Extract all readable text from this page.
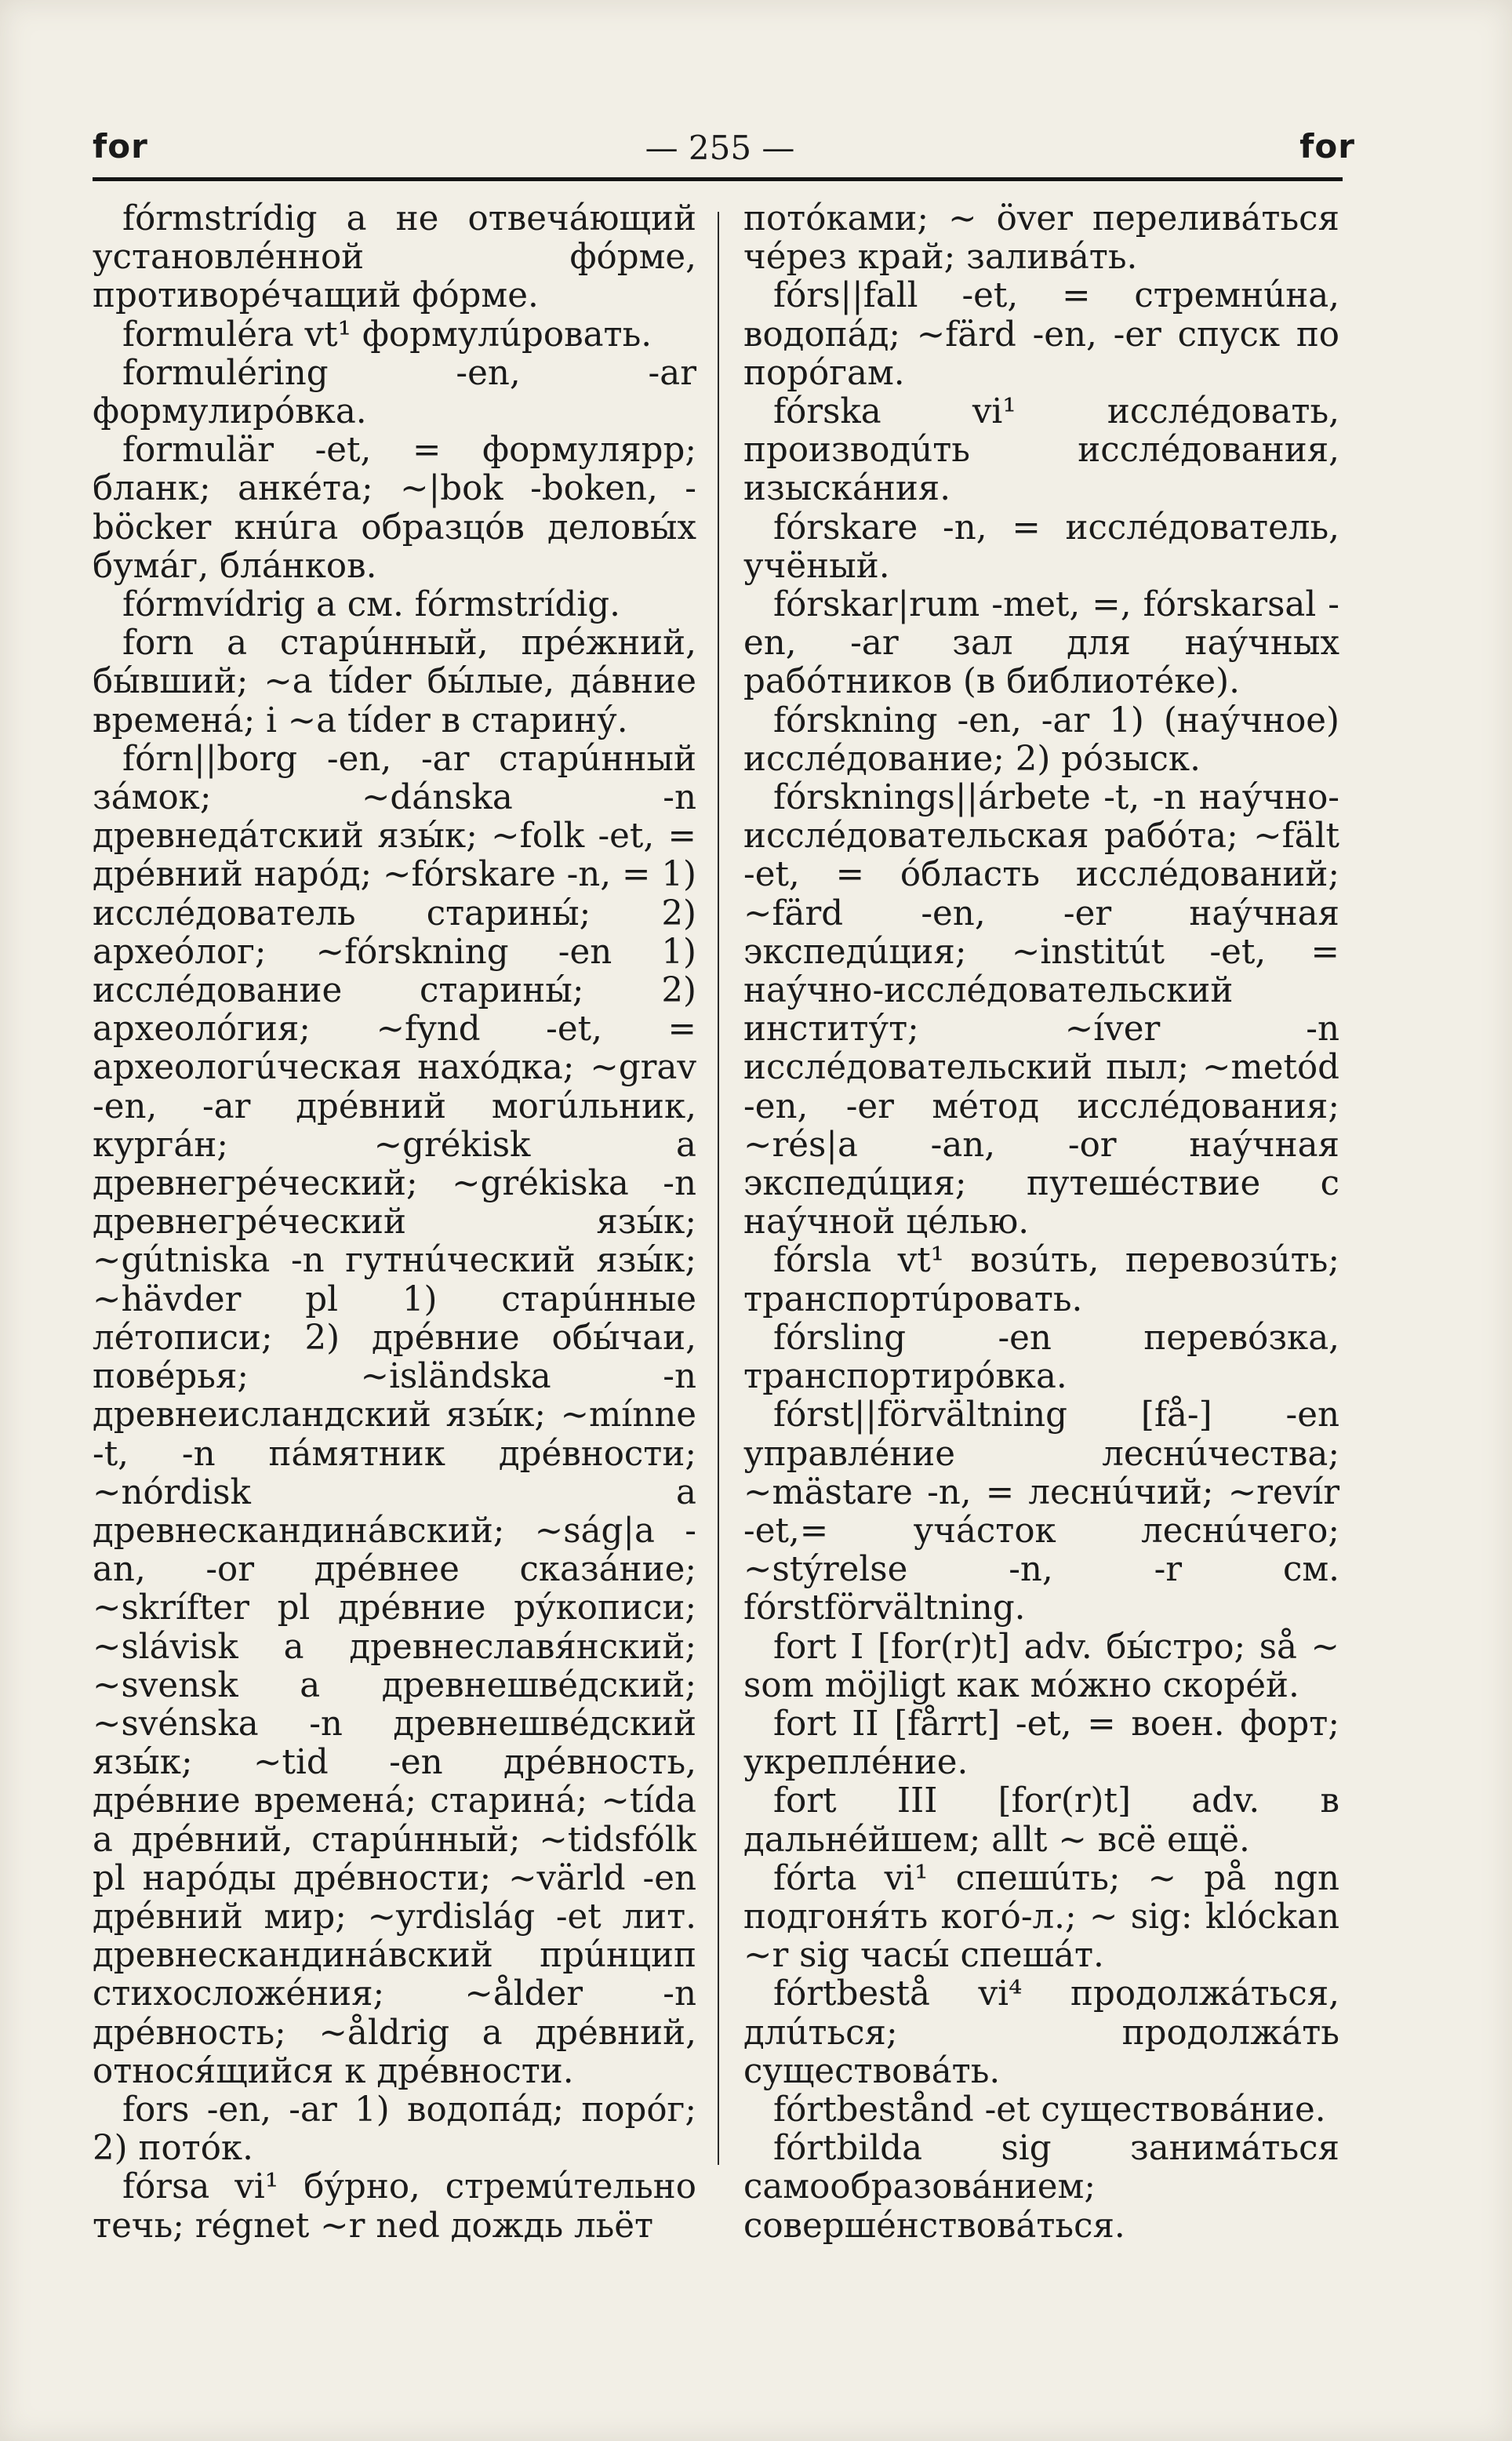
for	— 255 —	for

fórmstrídig a не отвечáющий установлéнной фóрме, противорéчащий фóрме.

formuléra vt¹ формулúровать.

formuléring -en, -ar формулирóвка.

formulär -et, = формулярр; бланк; анкéта; ~|bok -boken, -böcker кнúга образцóв деловы́х бумáг, блáнков.

fórmvídrig a см. fórmstrídig.

forn a старúнный, прéжний, бы́вший; ~a tíder бы́лые, дáвние временá; i ~a tíder в старину́.

fórn||borg -en, -ar старúнный зáмок; ~dánska -n древнедáтский язы́к; ~folk -et, = дрéвний нарóд; ~fórskare -n, = 1) исслéдователь старины́; 2) археóлог; ~fórskning -en 1) исслéдование старины́; 2) археолóгия; ~fynd -et, = археологúческая нахóдка; ~grav -en, -ar дрéвний могúльник, кургáн; ~grékisk a древнегрéческий; ~grékiska -n древнегрéческий язы́к; ~gútniska -n гутнúческий язы́к; ~hävder pl 1) старúнные лéтописи; 2) дрéвние обы́чаи, повéрья; ~isländska -n древнеисландский язы́к; ~mínne -t, -n пáмятник дрéвности; ~nórdisk a древнескандинáвский; ~ság|a -an, -or дрéвнее сказáние; ~skrífter pl дрéвние ру́кописи; ~slávisk a древнеславя́нский; ~svensk a древнешвéдский; ~svénska -n древнешвéдский язы́к; ~tid -en дрéвность, дрéвние временá; старинá; ~tída a дрéвний, старúнный; ~tidsfólk pl нарóды дрéвности; ~värld -en дрéвний мир; ~yrdislág -et лит. древнескандинáвский прúнцип стихосложéния; ~ålder -n дрéвность; ~åldrig a дрéвний, относя́щийся к дрéвности.

fors -en, -ar 1) водопáд; порóг; 2) потóк.

fórsa vi¹ бу́рно, стремúтельно течь; régnet ~r ned дождь льёт

потóками; ~ över переливáться чéрез край; заливáть.

fórs||fall -et, = стремнúна, водопáд; ~färd -en, -er спуск по порóгам.

fórska vi¹ исслéдовать, производúть исслéдования, изыскáния.

fórskare -n, = исслéдователь, учёный.

fórskar|rum -met, =, fórskarsal -en, -ar зал для нау́чных рабóтников (в библиотéке).

fórskning -en, -ar 1) (нау́чное) исслéдование; 2) ро́зыск.

fórsknings||árbete -t, -n нау́чно-исслéдовательская рабóта; ~fält -et, = óбласть исслéдований; ~färd -en, -er нау́чная экспедúция; ~institút -et, = нау́чно-исслéдовательский институ́т; ~íver -n исслéдовательский пыл; ~metód -en, -er мéтод исслéдования; ~rés|a -an, -or нау́чная экспедúция; путешéствие с нау́чной цéлью.

fórsla vt¹ возúть, перевозúть; транспортúровать.

fórsling -en перевóзка, транспортирóвка.

fórst||förvältning [få-] -en управлéние леснúчества; ~mästare -n, = леснúчий; ~revír -et,= учáсток леснúчего; ~stýrelse -n, -r см. fórstförvältning.

fort I [for(r)t] adv. бы́стро; så ~ som möjligt как мóжно скорéй.

fort II [fårrt] -et, = воен. форт; укреплéние.

fort III [for(r)t] adv. в дальнéйшем; allt ~ всё ещё.

fórta vi¹ спешúть; ~ på ngn подгоня́ть когó-л.; ~ sig: klóckan ~r sig часы́ спешáт.

fórtbestå vi⁴ продолжáться, длúться; продолжáть существовáть.

fórtbestånd -et существовáние.

fórtbilda sig занимáться самообразовáнием; совершéнствовáться.
